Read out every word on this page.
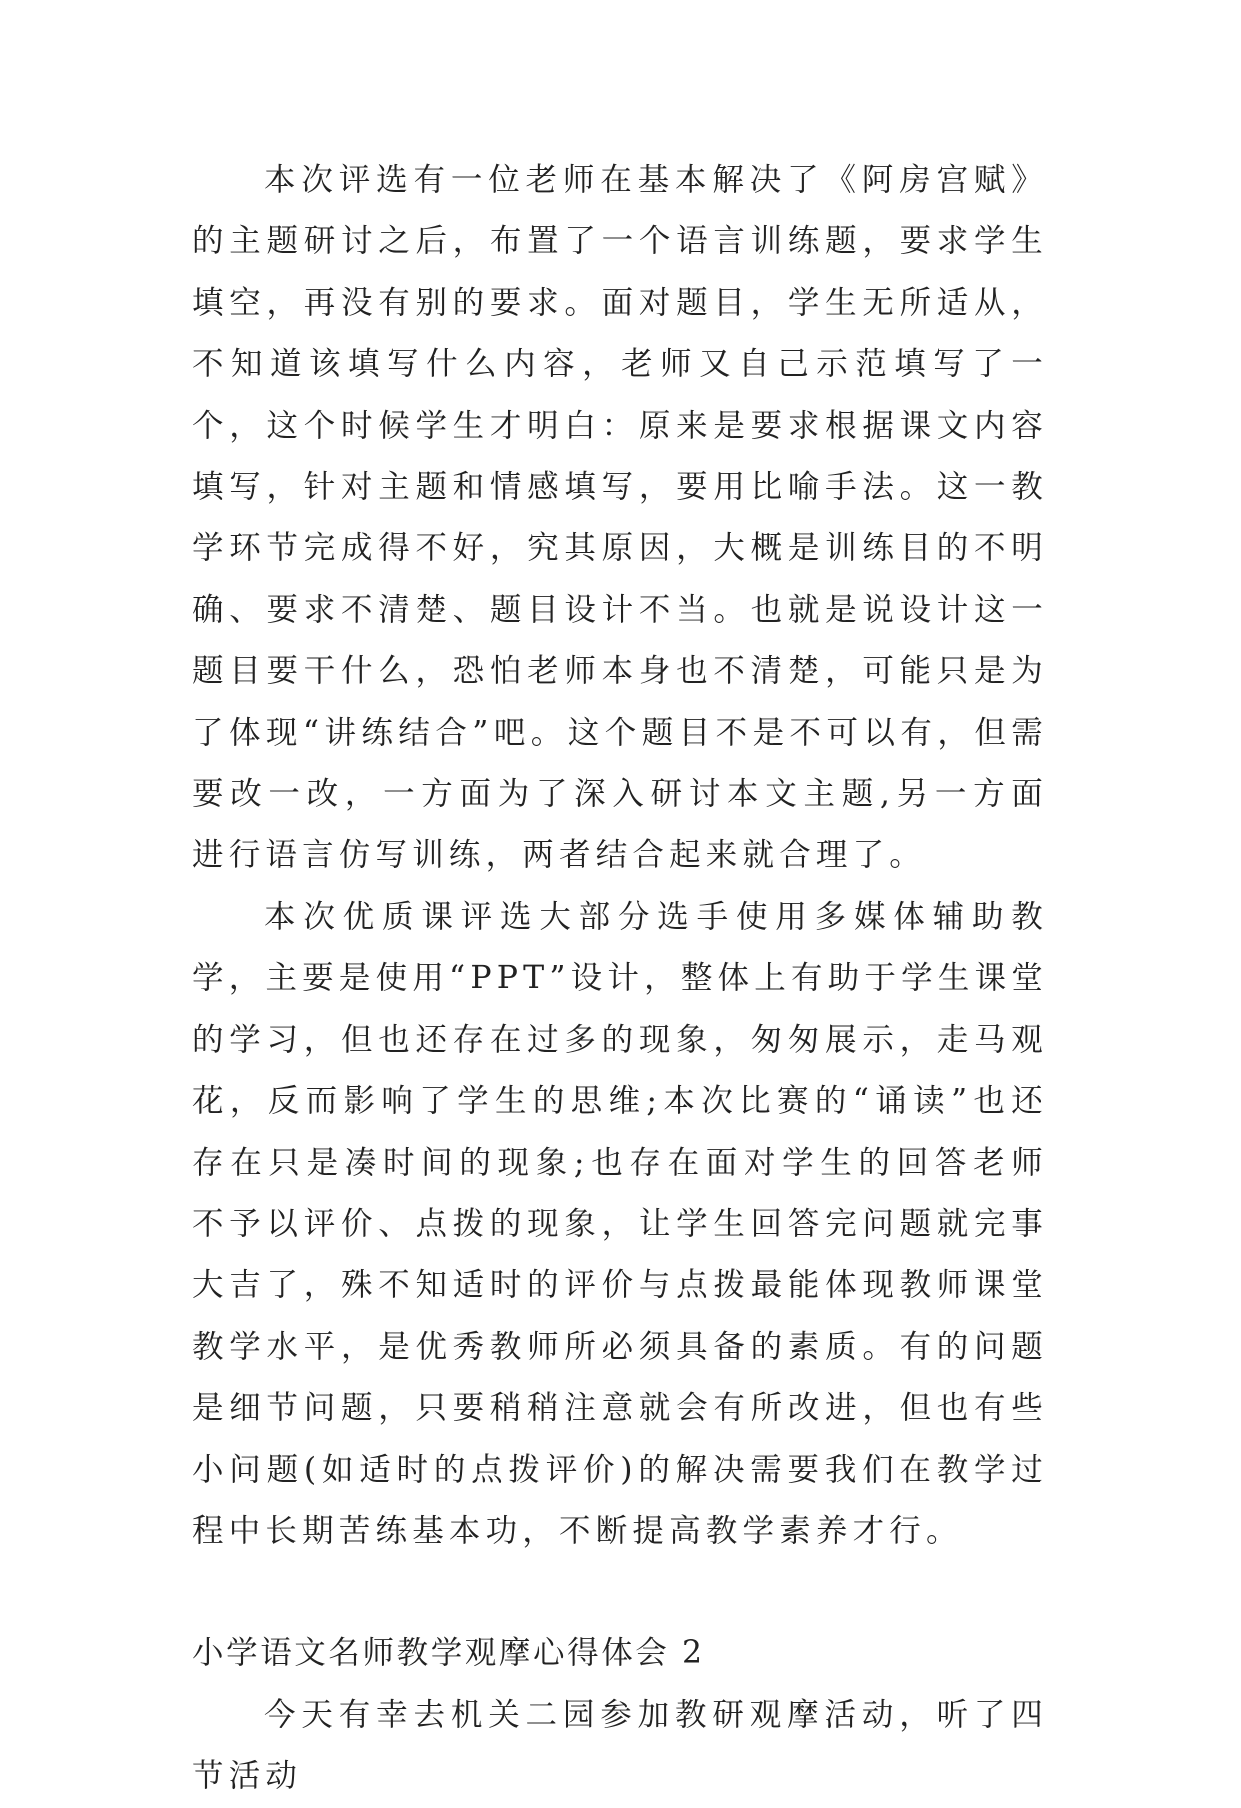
本次评选有一位老师在基本解决了《阿房宫赋》的主题研讨之后，布置了一个语言训练题，要求学生填空，再没有别的要求。面对题目，学生无所适从，不知道该填写什么内容，老师又自己示范填写了一个，这个时候学生才明白：原来是要求根据课文内容填写，针对主题和情感填写，要用比喻手法。这一教学环节完成得不好，究其原因，大概是训练目的不明确、要求不清楚、题目设计不当。也就是说设计这一题目要干什么，恐怕老师本身也不清楚，可能只是为了体现“讲练结合”吧。这个题目不是不可以有，但需要改一改，一方面为了深入研讨本文主题,另一方面进行语言仿写训练，两者结合起来就合理了。

本次优质课评选大部分选手使用多媒体辅助教学，主要是使用“PPT”设计，整体上有助于学生课堂的学习，但也还存在过多的现象，匆匆展示，走马观花，反而影响了学生的思维;本次比赛的“诵读”也还存在只是凑时间的现象;也存在面对学生的回答老师不予以评价、点拨的现象，让学生回答完问题就完事大吉了，殊不知适时的评价与点拨最能体现教师课堂教学水平，是优秀教师所必须具备的素质。有的问题是细节问题，只要稍稍注意就会有所改进，但也有些小问题(如适时的点拨评价)的解决需要我们在教学过程中长期苦练基本功，不断提高教学素养才行。

小学语文名师教学观摩心得体会 2

今天有幸去机关二园参加教研观摩活动，听了四节活动
